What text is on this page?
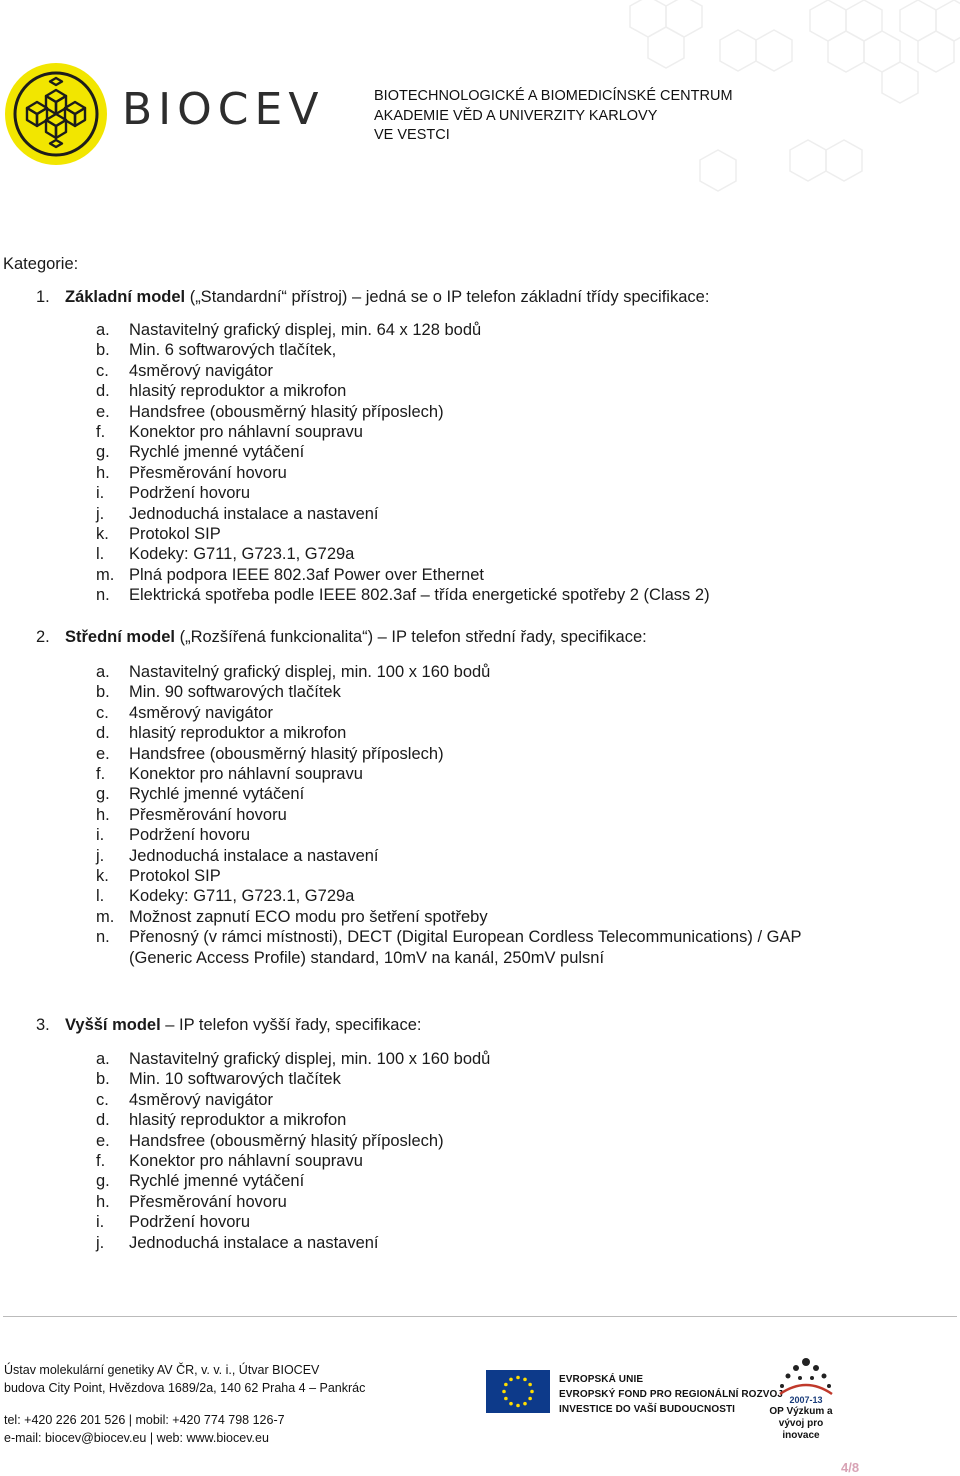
BIOCEV	BIOTECHNOLOGICKÉ A BIOMEDICÍNSKÉ CENTRUM
AKADEMIE VĚD A UNIVERZITY KARLOVY
VE VESTCI
Kategorie:
1. Základní model („Standardní“ přístroj) – jedná se o IP telefon základní třídy specifikace:
a. Nastavitelný grafický displej, min. 64 x 128 bodů
b. Min. 6 softwarových tlačítek,
c. 4směrový navigátor
d. hlasitý reproduktor a mikrofon
e. Handsfree (obousměrný hlasitý příposlech)
f. Konektor pro náhlavní soupravu
g. Rychlé jmenné vytáčení
h. Přesměrování hovoru
i. Podržení hovoru
j. Jednoduchá instalace a nastavení
k. Protokol SIP
l. Kodeky: G711, G723.1, G729a
m. Plná podpora IEEE 802.3af Power over Ethernet
n. Elektrická spotřeba podle IEEE 802.3af – třída energetické spotřeby 2 (Class 2)
2. Střední model („Rozšířená funkcionalita“) – IP telefon střední řady, specifikace:
a. Nastavitelný grafický displej, min. 100 x 160 bodů
b. Min. 90 softwarových tlačítek
c. 4směrový navigátor
d. hlasitý reproduktor a mikrofon
e. Handsfree (obousměrný hlasitý příposlech)
f. Konektor pro náhlavní soupravu
g. Rychlé jmenné vytáčení
h. Přesměrování hovoru
i. Podržení hovoru
j. Jednoduchá instalace a nastavení
k. Protokol SIP
l. Kodeky: G711, G723.1, G729a
m. Možnost zapnutí ECO modu pro šetření spotřeby
n. Přenosný (v rámci místnosti), DECT (Digital European Cordless Telecommunications) / GAP (Generic Access Profile) standard, 10mV na kanál, 250mV pulsní
3. Vyšší model – IP telefon vyšší řady, specifikace:
a. Nastavitelný grafický displej, min. 100 x 160 bodů
b. Min. 10 softwarových tlačítek
c. 4směrový navigátor
d. hlasitý reproduktor a mikrofon
e. Handsfree (obousměrný hlasitý příposlech)
f. Konektor pro náhlavní soupravu
g. Rychlé jmenné vytáčení
h. Přesměrování hovoru
i. Podržení hovoru
j. Jednoduchá instalace a nastavení
Ústav molekulární genetiky AV ČR, v. v. i., Útvar BIOCEV
budova City Point, Hvězdova 1689/2a, 140 62 Praha 4 – Pankrác
tel: +420 226 201 526 | mobil: +420 774 798 126-7
e-mail: biocev@biocev.eu | web: www.biocev.eu
EVROPSKÁ UNIE
EVROPSKÝ FOND PRO REGIONÁLNÍ ROZVOJ
INVESTICE DO VAŠÍ BUDOUCNOSTI
2007-13
OP Výzkum a vývoj pro inovace
4/8
